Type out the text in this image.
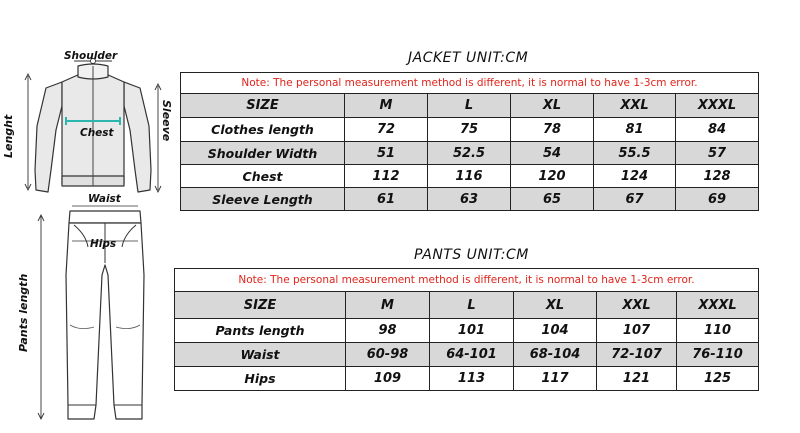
Shoulder
Chest
Lenght	Sleeve
Waist
Hips
Pants length
JACKET UNIT:CM
Note: The personal measurement method is different, it is normal to have 1-3cm error.					
SIZE	M	L	XL	XXL	XXXL
Clothes length	72	75	78	81	84
Shoulder Width	51	52.5	54	55.5	57
Chest	112	116	120	124	128
Sleeve Length	61	63	65	67	69
PANTS UNIT:CM
Note: The personal measurement method is different, it is normal to have 1-3cm error.					
SIZE	M	L	XL	XXL	XXXL
Pants length	98	101	104	107	110
Waist	60-98	64-101	68-104	72-107	76-110
Hips	109	113	117	121	125
